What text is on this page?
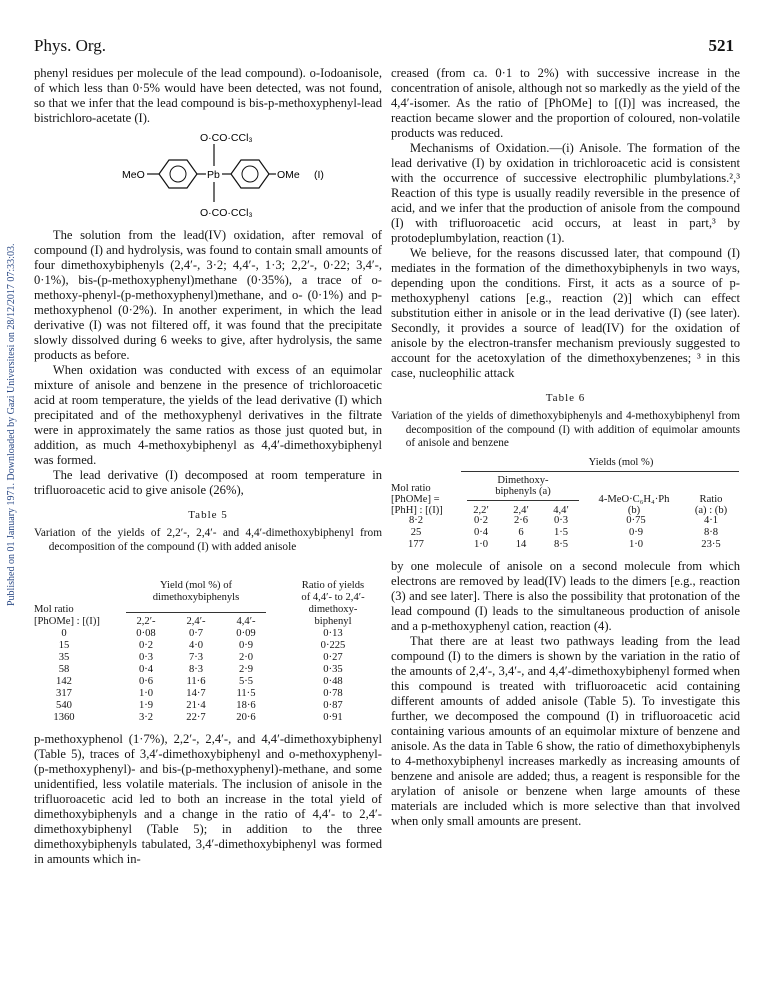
Phys. Org.	521
Published on 01 January 1971. Downloaded by Gazi Universitesi on 28/12/2017 07:33:03.

phenyl residues per molecule of the lead compound). o-Iodoanisole, of which less than 0·5% would have been detected, was not found, so that we infer that the lead compound is bis-p-methoxyphenyl-lead bistrichloro-acetate (I).

O·CO·CCl₃
O·CO·CCl₃
MeO	Pb	OMe (I)

The solution from the lead(IV) oxidation, after removal of compound (I) and hydrolysis, was found to contain small amounts of four dimethoxybiphenyls (2,4′-, 3·2; 4,4′-, 1·3; 2,2′-, 0·22; 3,4′-, 0·1%), bis-(p-methoxyphenyl)methane (0·35%), a trace of o-methoxy-phenyl-(p-methoxyphenyl)methane, and o- (0·1%) and p-methoxyphenol (0·2%). In another experiment, in which the lead derivative (I) was not filtered off, it was found that the precipitate slowly dissolved during 6 weeks to give, after hydrolysis, the same products as before.

When oxidation was conducted with excess of an equimolar mixture of anisole and benzene in the presence of trichloroacetic acid at room temperature, the yields of the lead derivative (I) which precipitated and of the methoxyphenyl derivatives in the filtrate were in approximately the same ratios as those just quoted but, in addition, as much 4-methoxybiphenyl as 4,4′-dimethoxybiphenyl was formed.

The lead derivative (I) decomposed at room temperature in trifluoroacetic acid to give anisole (26%),

Table 5
Variation of the yields of 2,2′-, 2,4′- and 4,4′-dimethoxybiphenyl from decomposition of the compound (I) with added anisole
Mol ratio
[PhOMe] : [(I)]
Yield (mol %) of
dimethoxybiphenyls
2,2′-	2,4′-	4,4′-
Ratio of yields
of 4,4′- to 2,4′-
dimethoxy-
biphenyl
0	0·08	0·7	0·09	0·13
15	0·2	4·0	0·9	0·225
35	0·3	7·3	2·0	0·27
58	0·4	8·3	2·9	0·35
142	0·6	11·6	5·5	0·48
317	1·0	14·7	11·5	0·78
540	1·9	21·4	18·6	0·87
1360	3·2	22·7	20·6	0·91

p-methoxyphenol (1·7%), 2,2′-, 2,4′-, and 4,4′-dimethoxybiphenyl (Table 5), traces of 3,4′-dimethoxybiphenyl and o-methoxyphenyl-(p-methoxyphenyl)- and bis-(p-methoxyphenyl)-methane, and some unidentified, less volatile materials. The inclusion of anisole in the trifluoroacetic acid led to both an increase in the total yield of dimethoxybiphenyls and a change in the ratio of 4,4′- to 2,4′-dimethoxybiphenyl (Table 5); in addition to the three dimethoxybiphenyls tabulated, 3,4′-dimethoxybiphenyl was formed in amounts which in-

creased (from ca. 0·1 to 2%) with successive increase in the concentration of anisole, although not so markedly as the yield of the 4,4′-isomer. As the ratio of [PhOMe] to [(I)] was increased, the reaction became slower and the proportion of coloured, non-volatile products was reduced.

Mechanisms of Oxidation.—(i) Anisole. The formation of the lead derivative (I) by oxidation in trichloroacetic acid is consistent with the occurrence of successive electrophilic plumbylations.²,³ Reaction of this type is usually readily reversible in the presence of acid, and we infer that the production of anisole from the compound (I) with trifluoroacetic acid occurs, at least in part,³ by protodeplumbylation, reaction (1).

We believe, for the reasons discussed later, that compound (I) mediates in the formation of the dimethoxybiphenyls in two ways, depending upon the conditions. First, it acts as a source of p-methoxyphenyl cations [e.g., reaction (2)] which can effect substitution either in anisole or in the lead derivative (I) (see later). Secondly, it provides a source of lead(IV) for the oxidation of anisole by the electron-transfer mechanism previously suggested to account for the acetoxylation of the dimethoxybenzenes; ³ in this case, nucleophilic attack

Table 6
Variation of the yields of dimethoxybiphenyls and 4-methoxybiphenyl from decomposition of the compound (I) with addition of equimolar amounts of anisole and benzene
Yields (mol %)
Mol ratio
[PhOMe] =
[PhH] : [(I)]
Dimethoxy-
biphenyls (a)
2,2′	2,4′	4,4′
4-MeO·C₆H₄·Ph
(b)
Ratio
(a) : (b)
8·2	0·2	2·6	0·3	0·75	4·1
25	0·4	6	1·5	0·9	8·8
177	1·0	14	8·5	1·0	23·5

by one molecule of anisole on a second molecule from which electrons are removed by lead(IV) leads to the dimers [e.g., reaction (3) and see later]. There is also the possibility that protonation of the lead compound (I) leads to the simultaneous production of anisole and a p-methoxyphenyl cation, reaction (4).

That there are at least two pathways leading from the lead compound (I) to the dimers is shown by the variation in the ratio of the amounts of 2,4′-, 3,4′-, and 4,4′-dimethoxybiphenyl formed when this compound is treated with trifluoroacetic acid containing different amounts of added anisole (Table 5). To investigate this further, we decomposed the compound (I) in trifluoroacetic acid containing various amounts of an equimolar mixture of benzene and anisole. As the data in Table 6 show, the ratio of dimethoxybiphenyls to 4-methoxybiphenyl increases markedly as increasing amounts of benzene and anisole are added; thus, a reagent is responsible for the arylation of anisole or benzene when large amounts of these materials are included which is more selective than that involved when only small amounts are present.
